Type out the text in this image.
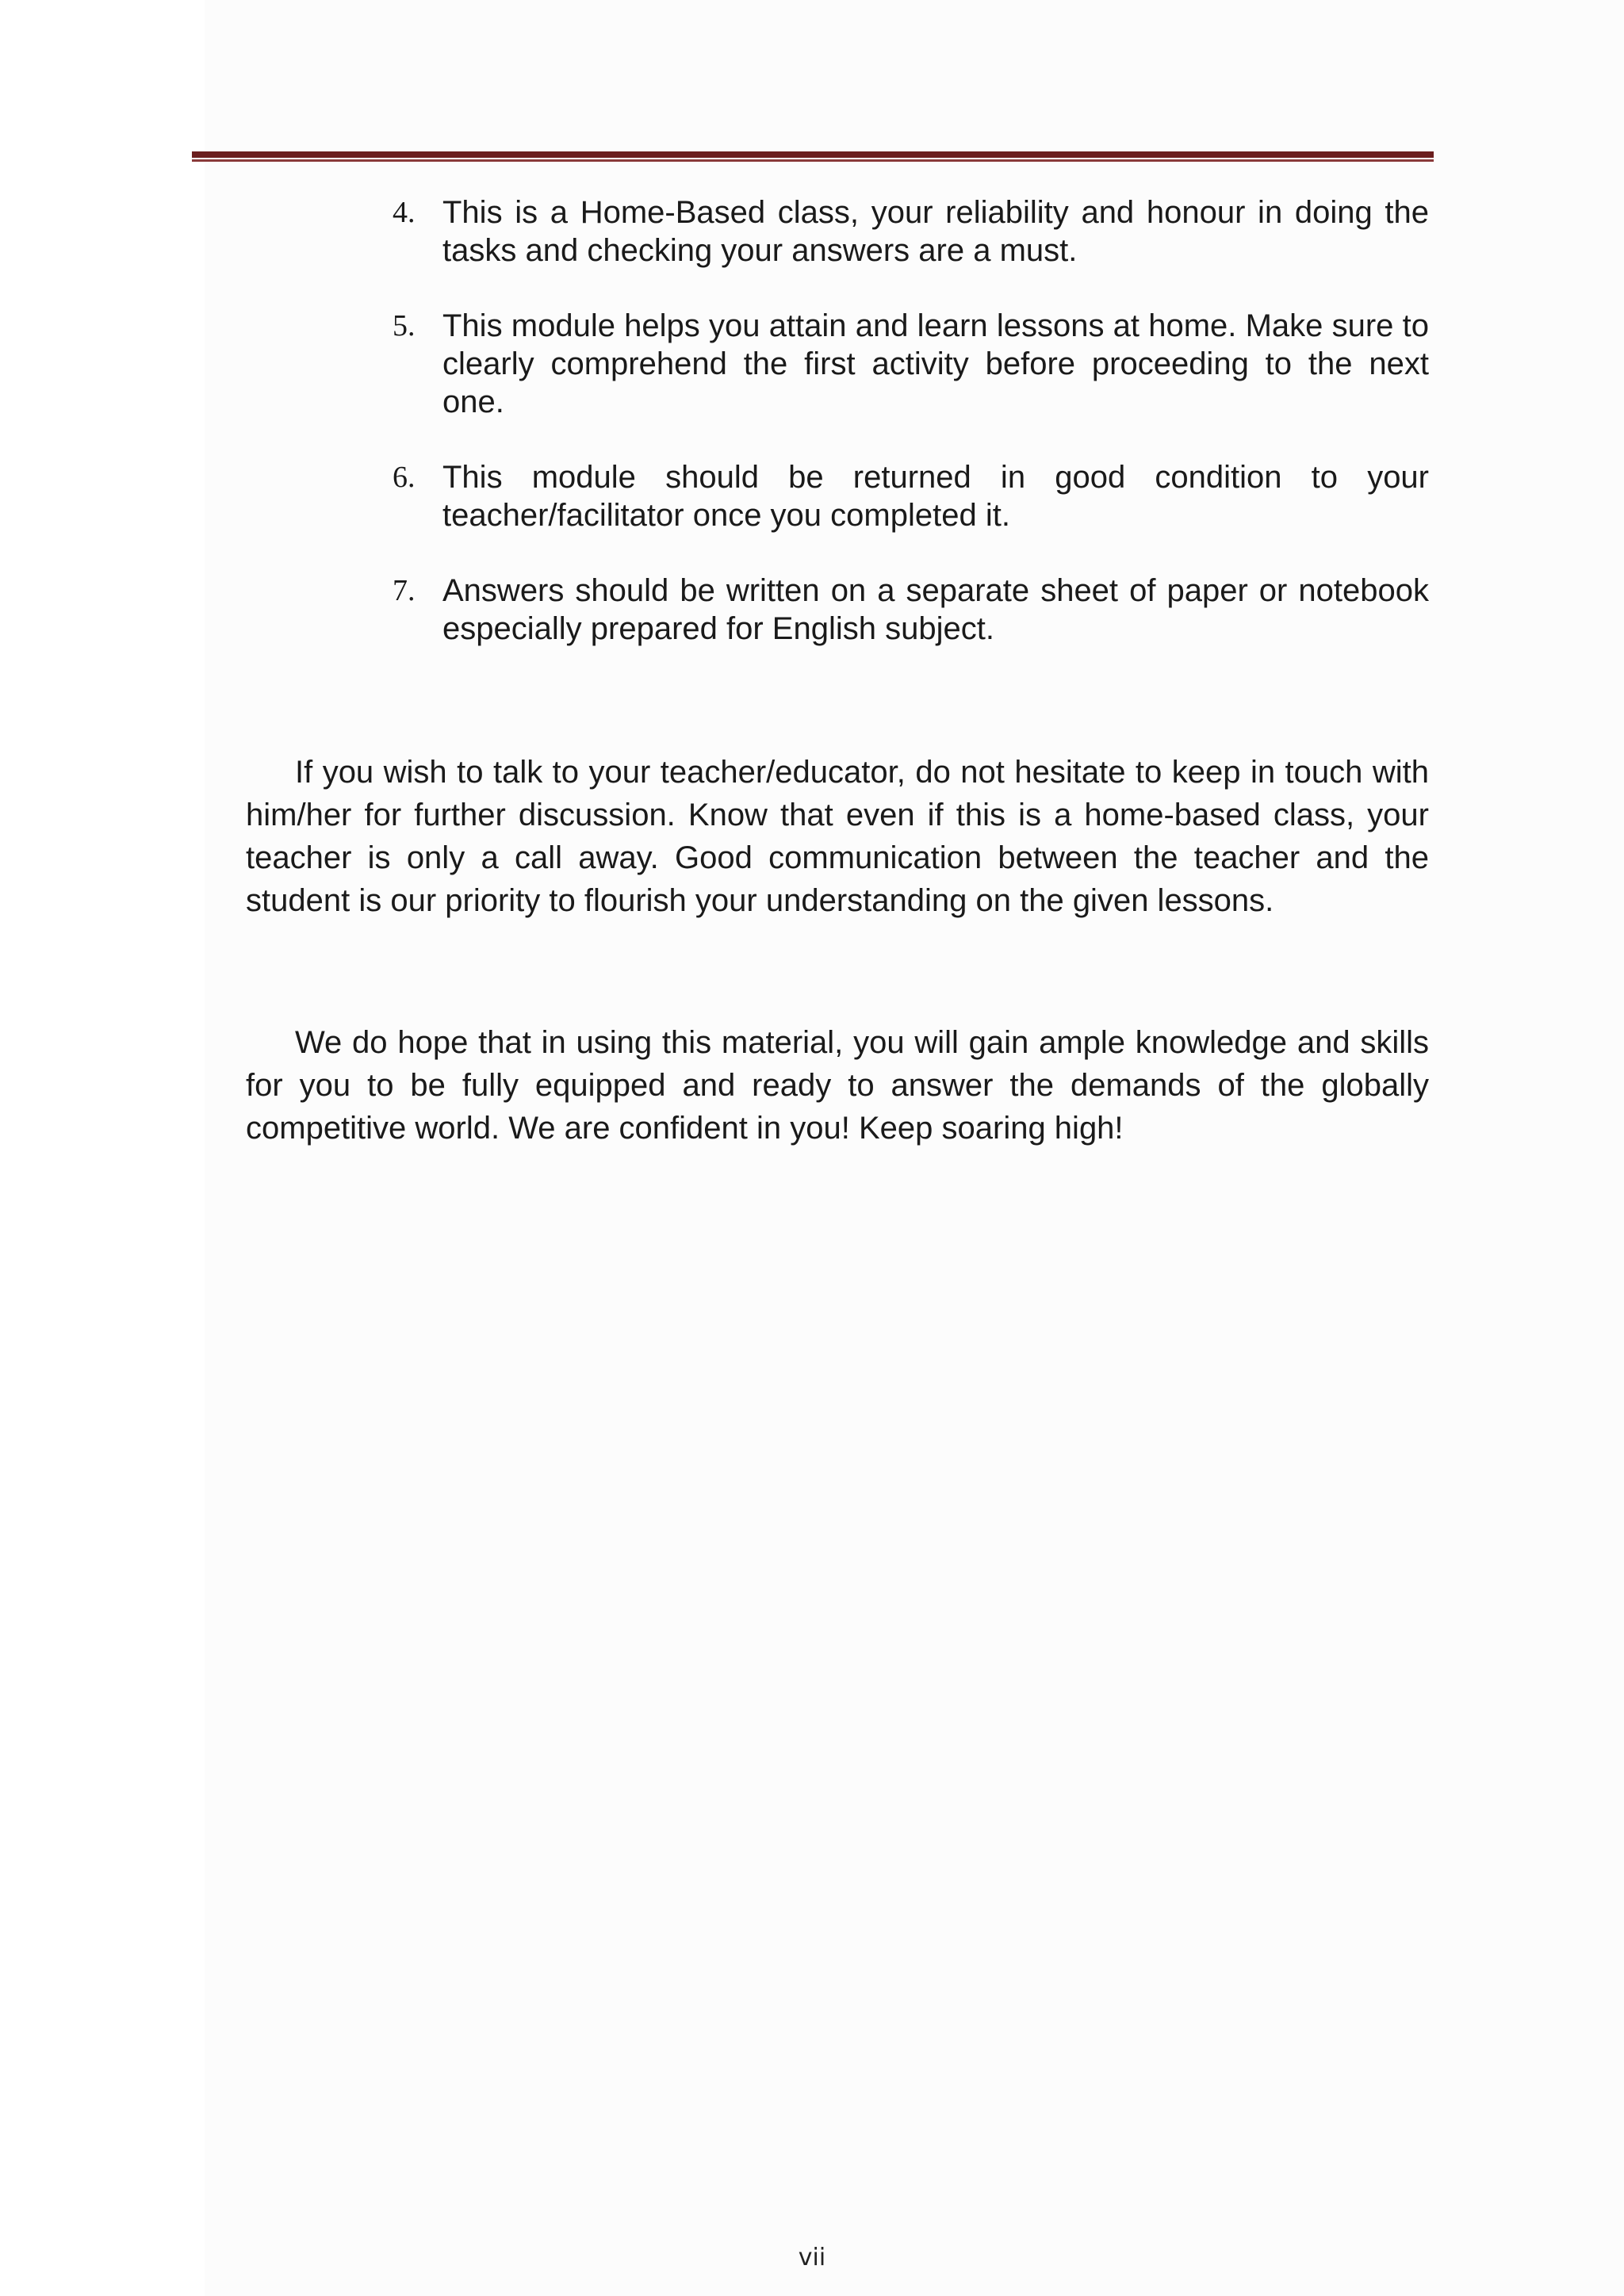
4. This is a Home-Based class, your reliability and honour in doing the tasks and checking your answers are a must.
5. This module helps you attain and learn lessons at home. Make sure to clearly comprehend the first activity before proceeding to the next one.
6. This module should be returned in good condition to your teacher/facilitator once you completed it.
7. Answers should be written on a separate sheet of paper or notebook especially prepared for English subject.

If you wish to talk to your teacher/educator, do not hesitate to keep in touch with him/her for further discussion. Know that even if this is a home-based class, your teacher is only a call away. Good communication between the teacher and the student is our priority to flourish your understanding on the given lessons.

We do hope that in using this material, you will gain ample knowledge and skills for you to be fully equipped and ready to answer the demands of the globally competitive world. We are confident in you! Keep soaring high!

vii
